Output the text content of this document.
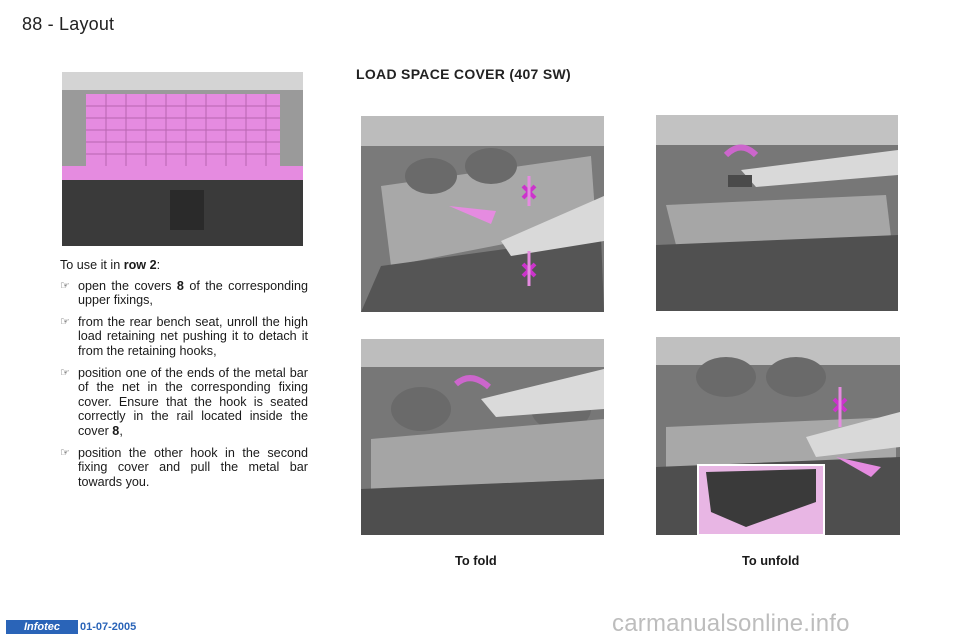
88 - Layout
LOAD SPACE COVER (407 SW)

To use it in row 2:

☞ open the covers 8 of the corresponding upper fixings,
☞ from the rear bench seat, unroll the high load retaining net pushing it to detach it from the retaining hooks,
☞ position one of the ends of the metal bar of the net in the corresponding fixing cover. Ensure that the hook is seated correctly in the rail located inside the cover 8,
☞ position the other hook in the second fixing cover and pull the metal bar towards you.
To fold	To unfold
Infotec	01-07-2005	carmanualsonline.info
